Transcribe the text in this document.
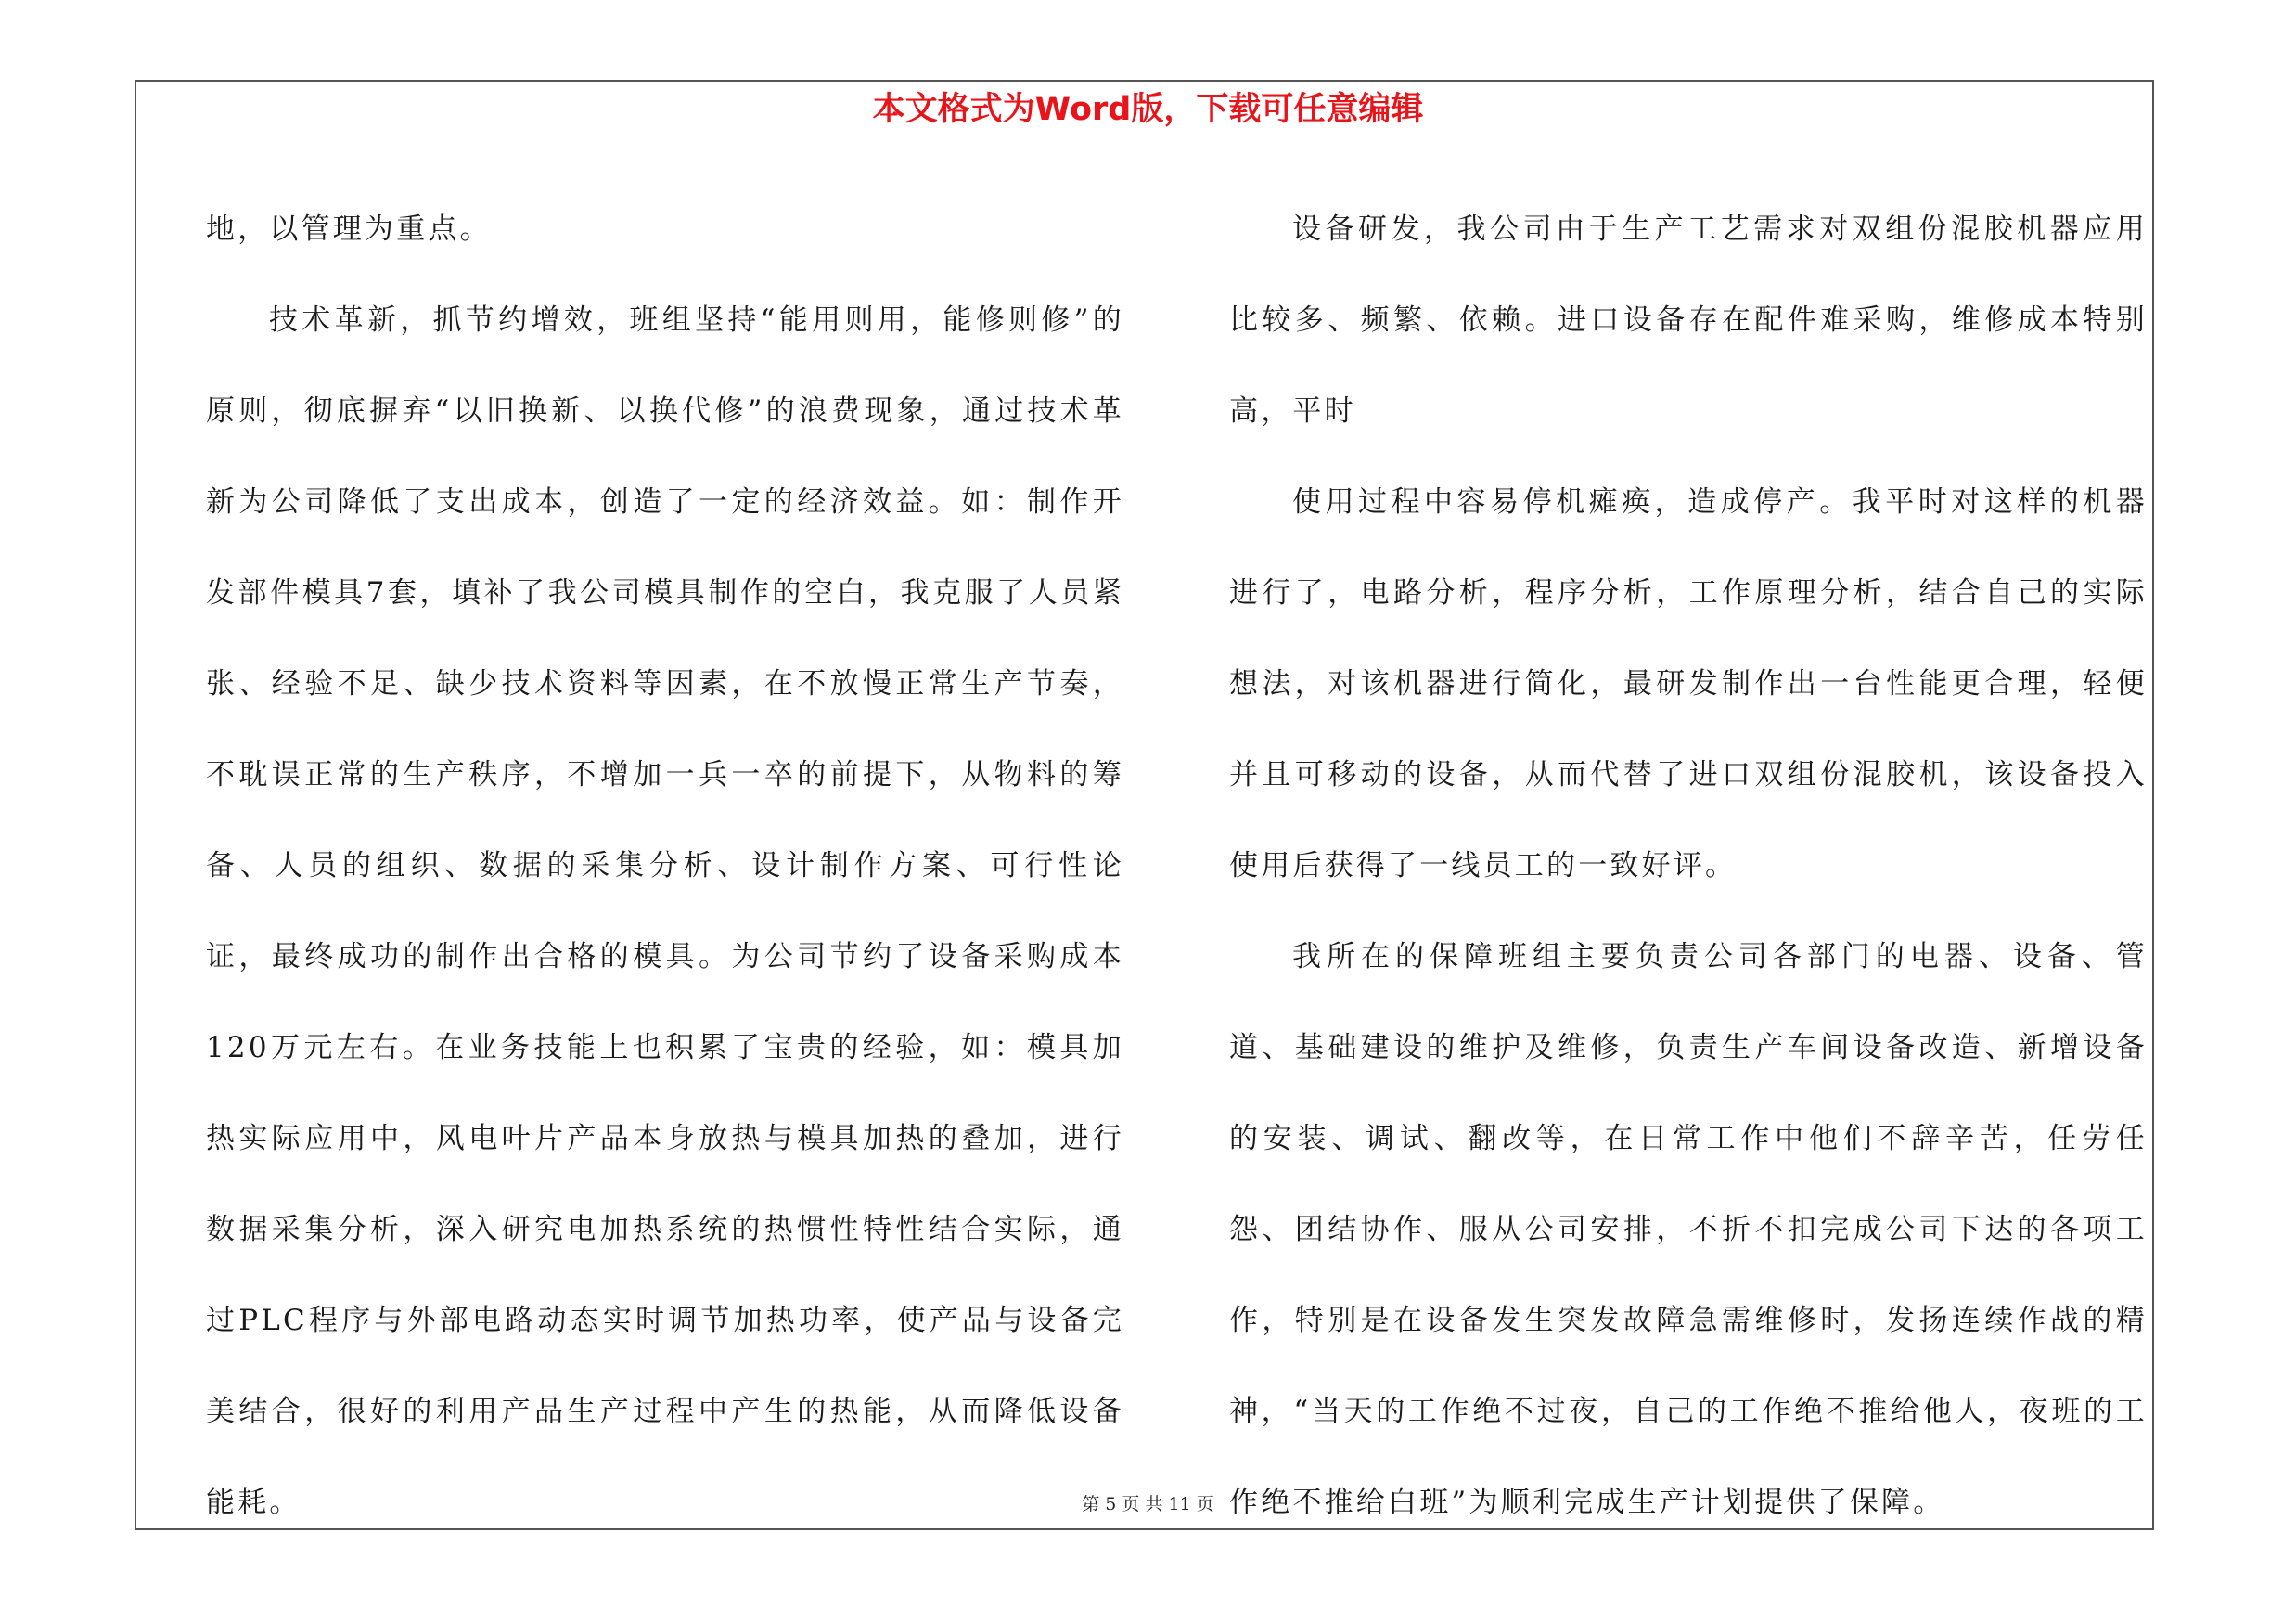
本文格式为Word版，下载可任意编辑

地，以管理为重点。

技术革新，抓节约增效，班组坚持“能用则用，能修则修”的原则，彻底摒弃“以旧换新、以换代修”的浪费现象，通过技术革新为公司降低了支出成本，创造了一定的经济效益。如：制作开发部件模具7套，填补了我公司模具制作的空白，我克服了人员紧张、经验不足、缺少技术资料等因素，在不放慢正常生产节奏，不耽误正常的生产秩序，不增加一兵一卒的前提下，从物料的筹备、人员的组织、数据的采集分析、设计制作方案、可行性论证，最终成功的制作出合格的模具。为公司节约了设备采购成本120万元左右。在业务技能上也积累了宝贵的经验，如：模具加热实际应用中，风电叶片产品本身放热与模具加热的叠加，进行数据采集分析，深入研究电加热系统的热惯性特性结合实际，通过PLC程序与外部电路动态实时调节加热功率，使产品与设备完美结合，很好的利用产品生产过程中产生的热能，从而降低设备能耗。

设备研发，我公司由于生产工艺需求对双组份混胶机器应用比较多、频繁、依赖。进口设备存在配件难采购，维修成本特别高，平时

使用过程中容易停机瘫痪，造成停产。我平时对这样的机器进行了，电路分析，程序分析，工作原理分析，结合自己的实际想法，对该机器进行简化，最研发制作出一台性能更合理，轻便并且可移动的设备，从而代替了进口双组份混胶机，该设备投入使用后获得了一线员工的一致好评。

我所在的保障班组主要负责公司各部门的电器、设备、管道、基础建设的维护及维修，负责生产车间设备改造、新增设备的安装、调试、翻改等，在日常工作中他们不辞辛苦，任劳任怨、团结协作、服从公司安排，不折不扣完成公司下达的各项工作，特别是在设备发生突发故障急需维修时，发扬连续作战的精神，“当天的工作绝不过夜，自己的工作绝不推给他人，夜班的工作绝不推给白班”为顺利完成生产计划提供了保障。

第 5 页 共 11 页
